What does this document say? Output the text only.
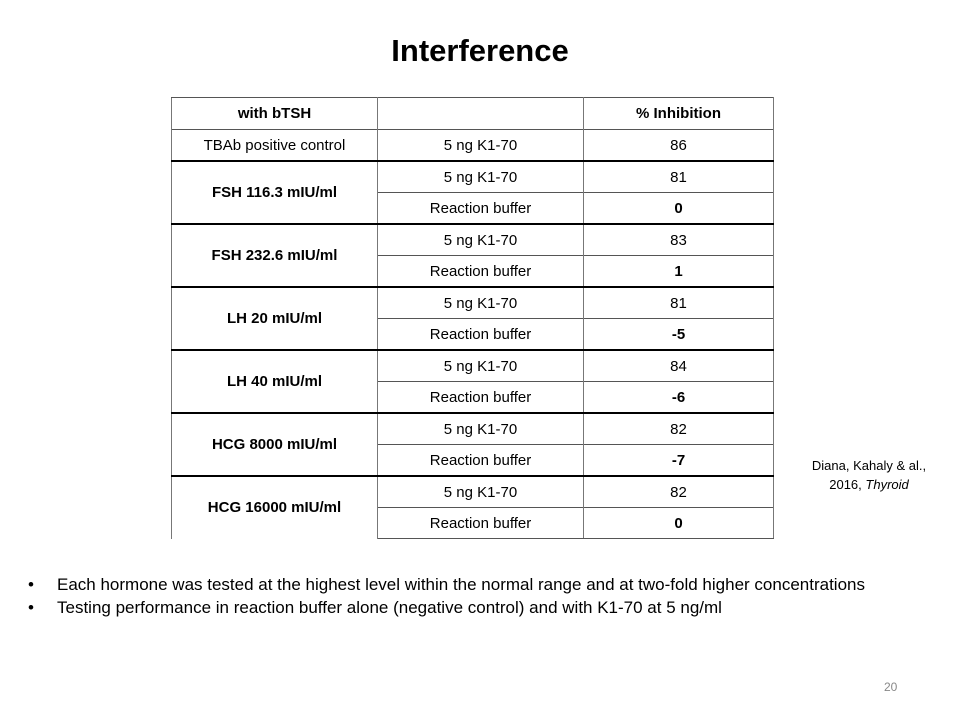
Interference
with bTSH		% Inhibition
TBAb positive control	5 ng K1-70	86
FSH 116.3 mIU/ml	5 ng K1-70	81
	Reaction buffer	0
FSH 232.6 mIU/ml	5 ng K1-70	83
	Reaction buffer	1
LH 20 mIU/ml	5 ng K1-70	81
	Reaction buffer	-5
LH 40 mIU/ml	5 ng K1-70	84
	Reaction buffer	-6
HCG 8000 mIU/ml	5 ng K1-70	82
	Reaction buffer	-7
HCG 16000 mIU/ml	5 ng K1-70	82
	Reaction buffer	0
Diana, Kahaly & al.,
2016, Thyroid
• Each hormone was tested at the highest level within the normal range and at two-fold higher concentrations
• Testing performance in reaction buffer alone (negative control) and with K1-70 at 5 ng/ml
20
